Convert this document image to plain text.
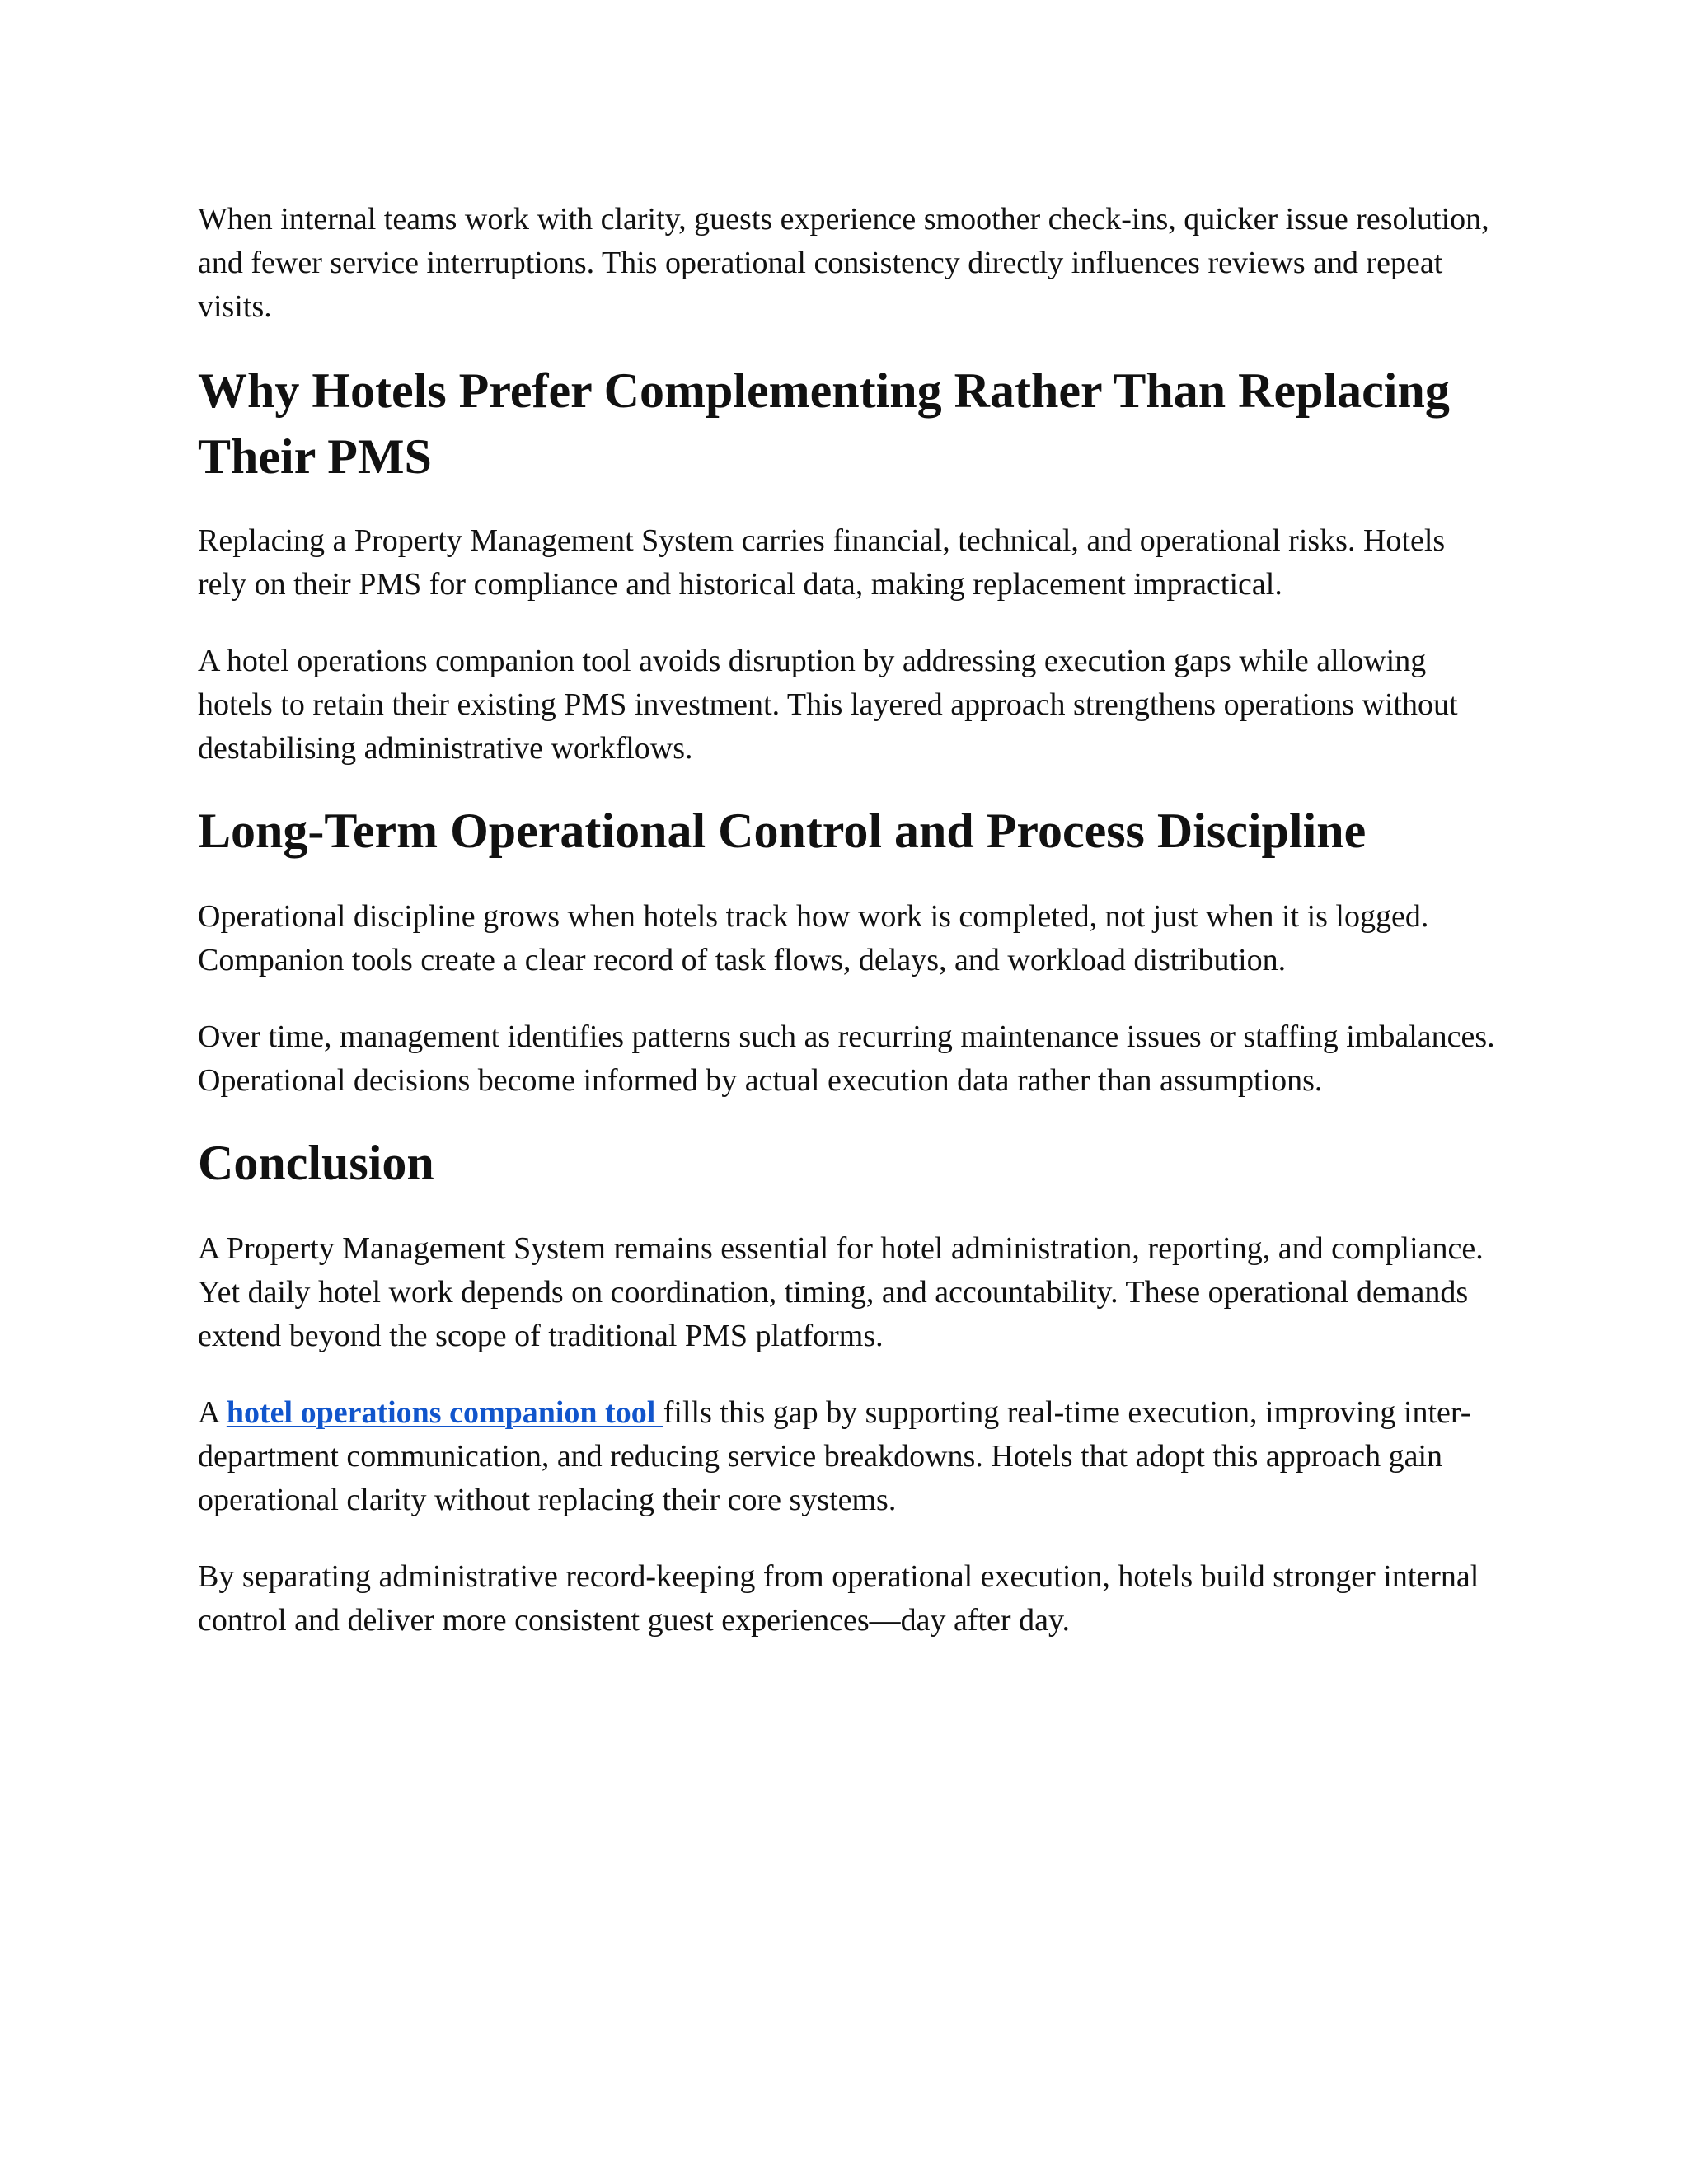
When internal teams work with clarity, guests experience smoother check-ins, quicker issue resolution, and fewer service interruptions. This operational consistency directly influences reviews and repeat visits.

Why Hotels Prefer Complementing Rather Than Replacing Their PMS

Replacing a Property Management System carries financial, technical, and operational risks. Hotels rely on their PMS for compliance and historical data, making replacement impractical.

A hotel operations companion tool avoids disruption by addressing execution gaps while allowing hotels to retain their existing PMS investment. This layered approach strengthens operations without destabilising administrative workflows.

Long-Term Operational Control and Process Discipline

Operational discipline grows when hotels track how work is completed, not just when it is logged. Companion tools create a clear record of task flows, delays, and workload distribution.

Over time, management identifies patterns such as recurring maintenance issues or staffing imbalances. Operational decisions become informed by actual execution data rather than assumptions.

Conclusion

A Property Management System remains essential for hotel administration, reporting, and compliance. Yet daily hotel work depends on coordination, timing, and accountability. These operational demands extend beyond the scope of traditional PMS platforms.

A hotel operations companion tool fills this gap by supporting real-time execution, improving inter-department communication, and reducing service breakdowns. Hotels that adopt this approach gain operational clarity without replacing their core systems.

By separating administrative record-keeping from operational execution, hotels build stronger internal control and deliver more consistent guest experiences—day after day.
